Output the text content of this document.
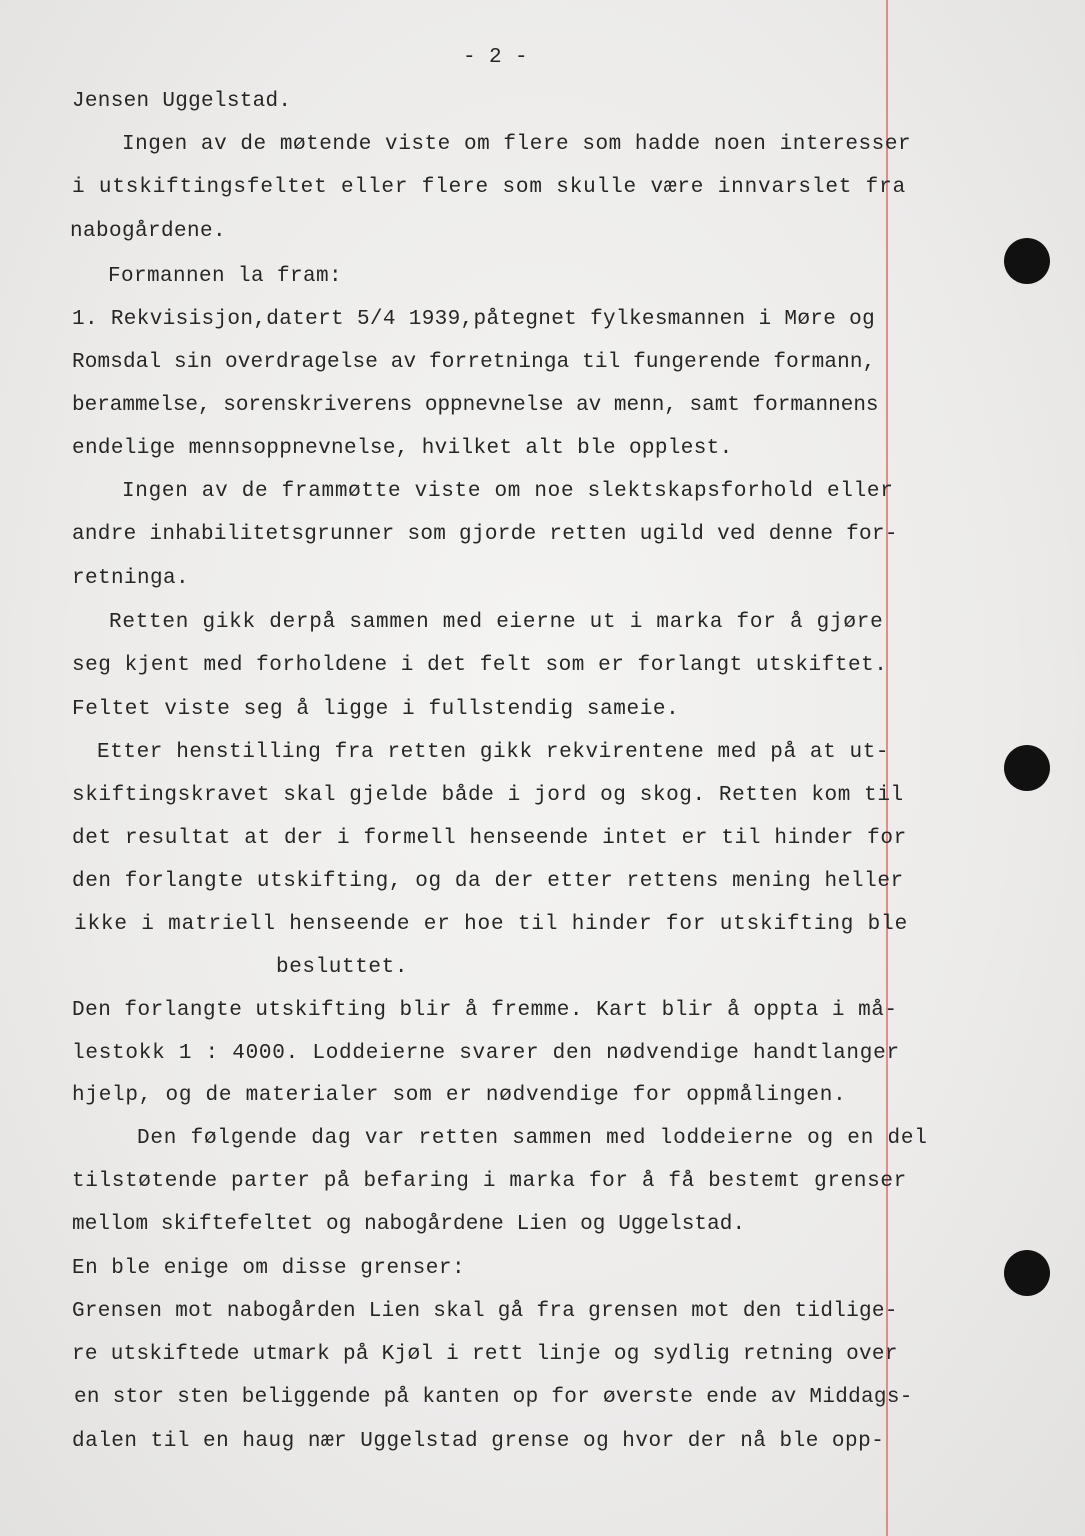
- 2 -
Jensen Uggelstad.
Ingen av de møtende viste om flere som hadde noen interesser
i utskiftingsfeltet eller flere som skulle være innvarslet fra
nabogårdene.
Formannen la fram:
1. Rekvisisjon,datert 5/4 1939,påtegnet fylkesmannen i Møre og
Romsdal sin overdragelse av forretninga til fungerende formann,
berammelse, sorenskriverens oppnevnelse av menn, samt formannens
endelige mennsoppnevnelse, hvilket alt ble opplest.
Ingen av de frammøtte viste om noe slektskapsforhold eller
andre inhabilitetsgrunner som gjorde retten ugild ved denne for-
retninga.
Retten gikk derpå sammen med eierne ut i marka for å gjøre
seg kjent med forholdene i det felt som er forlangt utskiftet.
Feltet viste seg å ligge i fullstendig sameie.
Etter henstilling fra retten gikk rekvirentene med på at ut-
skiftingskravet skal gjelde både i jord og skog. Retten kom til
det resultat at der i formell henseende intet er til hinder for
den forlangte utskifting, og da der etter rettens mening heller
ikke i matriell henseende er hoe til hinder for utskifting ble
besluttet.
Den forlangte utskifting blir å fremme. Kart blir å oppta i må-
lestokk 1 : 4000. Loddeierne svarer den nødvendige handtlanger
hjelp, og de materialer som er nødvendige for oppmålingen.
Den følgende dag var retten sammen med loddeierne og en del
tilstøtende parter på befaring i marka for å få bestemt grenser
mellom skiftefeltet og nabogårdene Lien og Uggelstad.
En ble enige om disse grenser:
Grensen mot nabogården Lien skal gå fra grensen mot den tidlige-
re utskiftede utmark på Kjøl i rett linje og sydlig retning over
en stor sten beliggende på kanten op for øverste ende av Middags-
dalen til en haug nær Uggelstad grense og hvor der nå ble opp-
